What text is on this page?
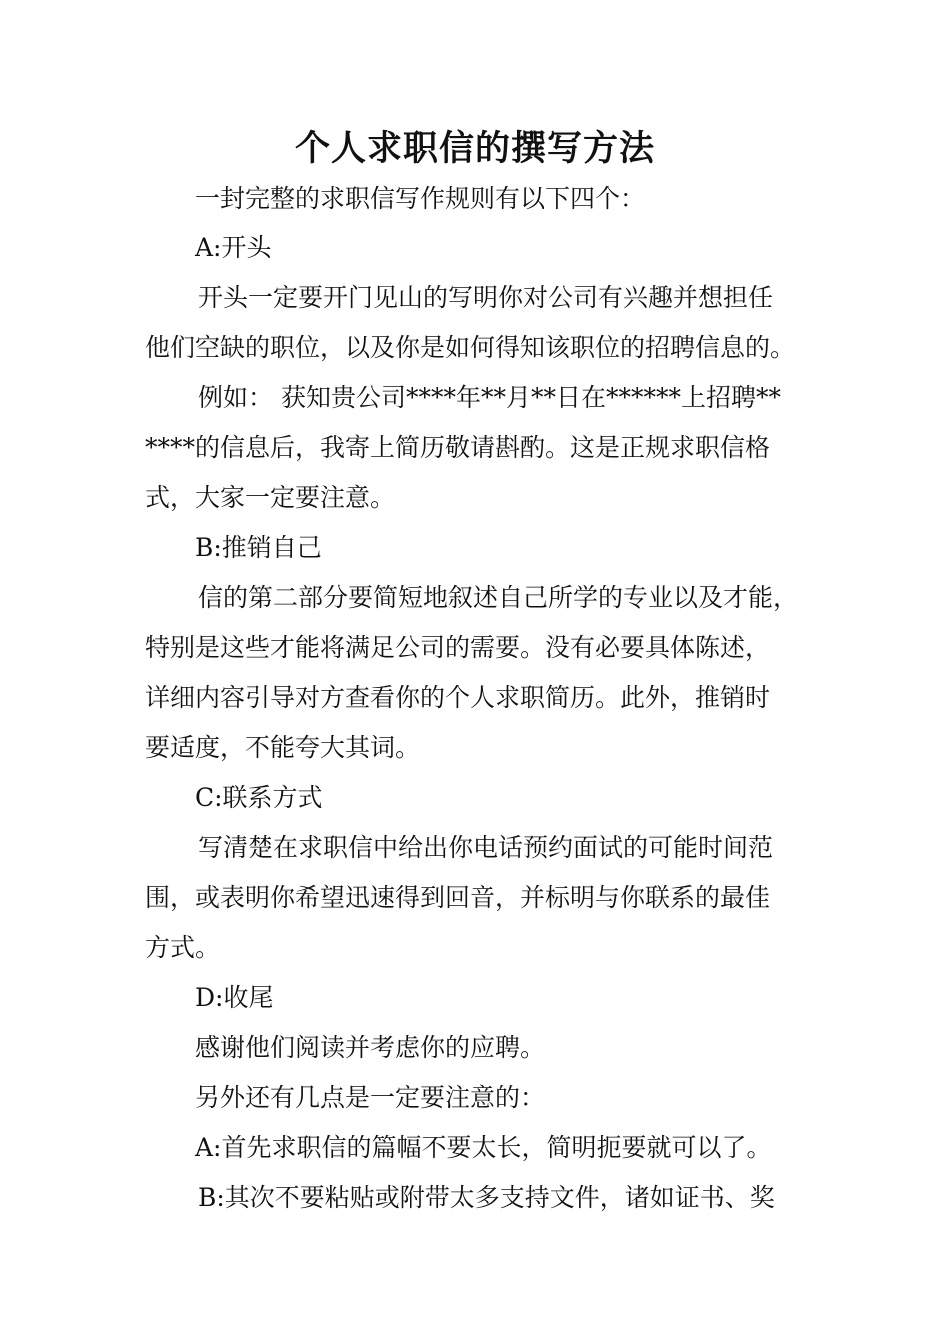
个人求职信的撰写方法
一封完整的求职信写作规则有以下四个：
A:开头
开头一定要开门见山的写明你对公司有兴趣并想担任
他们空缺的职位，以及你是如何得知该职位的招聘信息的。
例如： 获知贵公司****年**月**日在******上招聘**
****的信息后，我寄上简历敬请斟酌。这是正规求职信格
式，大家一定要注意。
B:推销自己
信的第二部分要简短地叙述自己所学的专业以及才能，
特别是这些才能将满足公司的需要。没有必要具体陈述，
详细内容引导对方查看你的个人求职简历。此外，推销时
要适度，不能夸大其词。
C:联系方式
写清楚在求职信中给出你电话预约面试的可能时间范
围，或表明你希望迅速得到回音，并标明与你联系的最佳
方式。
D:收尾
感谢他们阅读并考虑你的应聘。
另外还有几点是一定要注意的：
A:首先求职信的篇幅不要太长，简明扼要就可以了。
B:其次不要粘贴或附带太多支持文件，诸如证书、奖
